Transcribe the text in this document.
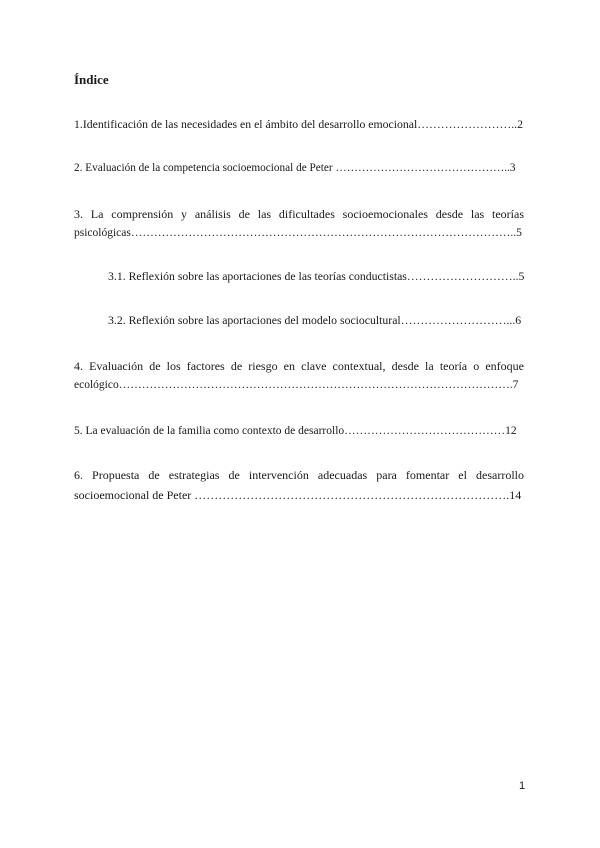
Índice
1.Identificación de las necesidades en el ámbito del desarrollo emocional……………………..2
2. Evaluación de la competencia socioemocional de Peter ………………………………………..3
3. La comprensión y análisis de las dificultades socioemocionales desde las teorías
psicológicas………………………………………………………………………………………..5
3.1. Reflexión sobre las aportaciones de las teorías conductistas………………………..5
3.2. Reflexión sobre las aportaciones del modelo sociocultural………………………...6
4. Evaluación de los factores de riesgo en clave contextual, desde la teoría o enfoque
ecológico………………………………………………………………………………………….7
5. La evaluación de la familia como contexto de desarrollo……………………………………12
6. Propuesta de estrategias de intervención adecuadas para fomentar el desarrollo
socioemocional de Peter …………………………………………………………………….14
1
